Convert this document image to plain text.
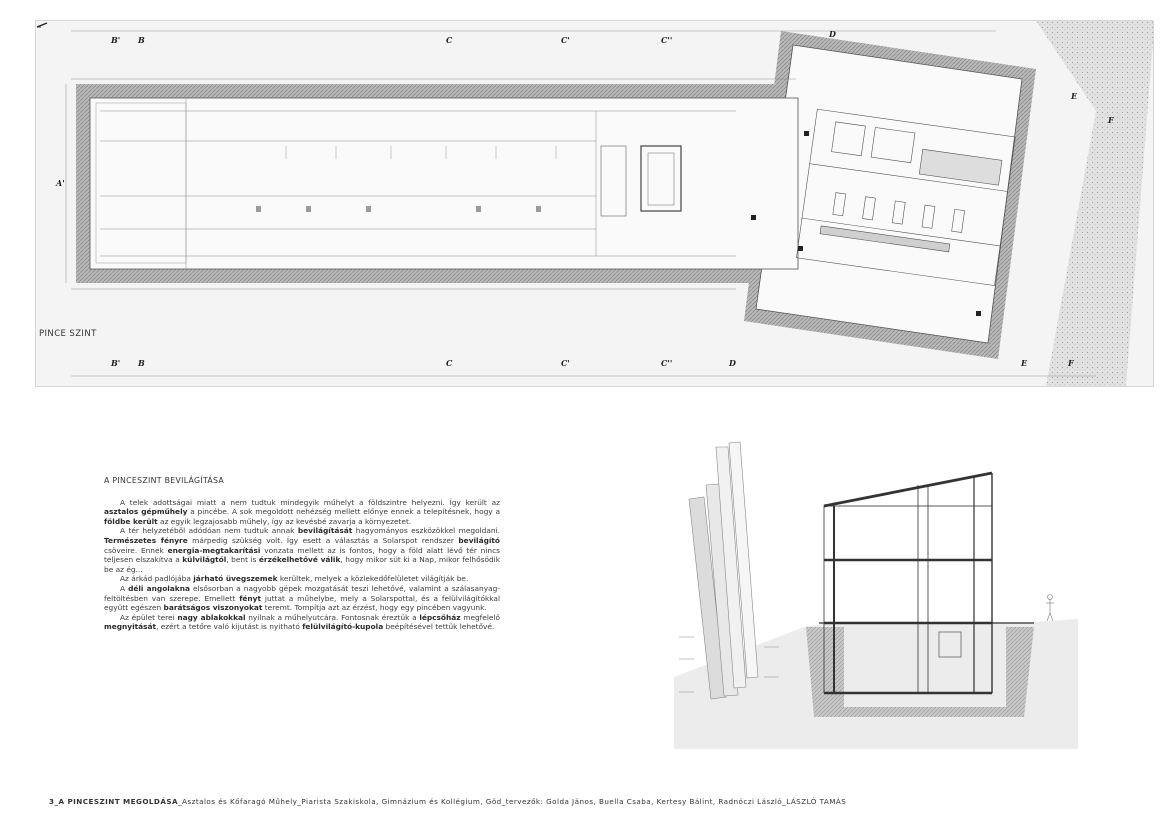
B' B	C	C'	C''
D
E
F
B' B	C	C'	C''	D	E	F
A'
PINCE SZINT
A PINCESZINT BEVILÁGÍTÁSA

A telek adottságai miatt a nem tudtuk mindegyik műhelyt a földszintre helyezni. Így került az asztalos gépműhely a pincébe. A sok megoldott nehézség mellett előnye ennek a telepítésnek, hogy a földbe került az egyik legzajosabb műhely, így az kevésbé zavarja a környezetet.

A tér helyzetéből adódóan nem tudtuk annak bevilágítását hagyományos eszközökkel megoldani. Természetes fényre márpedig szükség volt. Így esett a választás a Solarspot rendszer bevilágító csöveire. Ennek energia-megtakarítási vonzata mellett az is fontos, hogy a föld alatt lévő tér nincs teljesen elszakítva a külvilágtól, bent is érzékelhetővé válik, hogy mikor süt ki a Nap, mikor felhősödik be az ég...

Az árkád padlójába járható üvegszemek kerültek, melyek a közlekedőfelületet világítják be.

A déli angolakna elsősorban a nagyobb gépek mozgatását teszi lehetővé, valamint a szálasanyag-feltöltésben van szerepe. Emellett fényt juttat a műhelybe, mely a Solarspottal, és a felülvilágítókkal együtt egészen barátságos viszonyokat teremt. Tompítja azt az érzést, hogy egy pincében vagyunk.

Az épület terei nagy ablakokkal nyílnak a műhelyutcára. Fontosnak éreztük a lépcsőház megfelelő megnyitását, ezért a tetőre való kijutást is nyitható felülvilágító-kupola beépítésével tettük lehetővé.

3_A PINCESZINT MEGOLDÁSA_Asztalos és Kőfaragó Műhely_Piarista Szakiskola, Gimnázium és Kollégium, Göd_tervezők: Golda János, Buella Csaba, Kertesy Bálint, Radnóczi László_LÁSZLÓ TAMÁS
